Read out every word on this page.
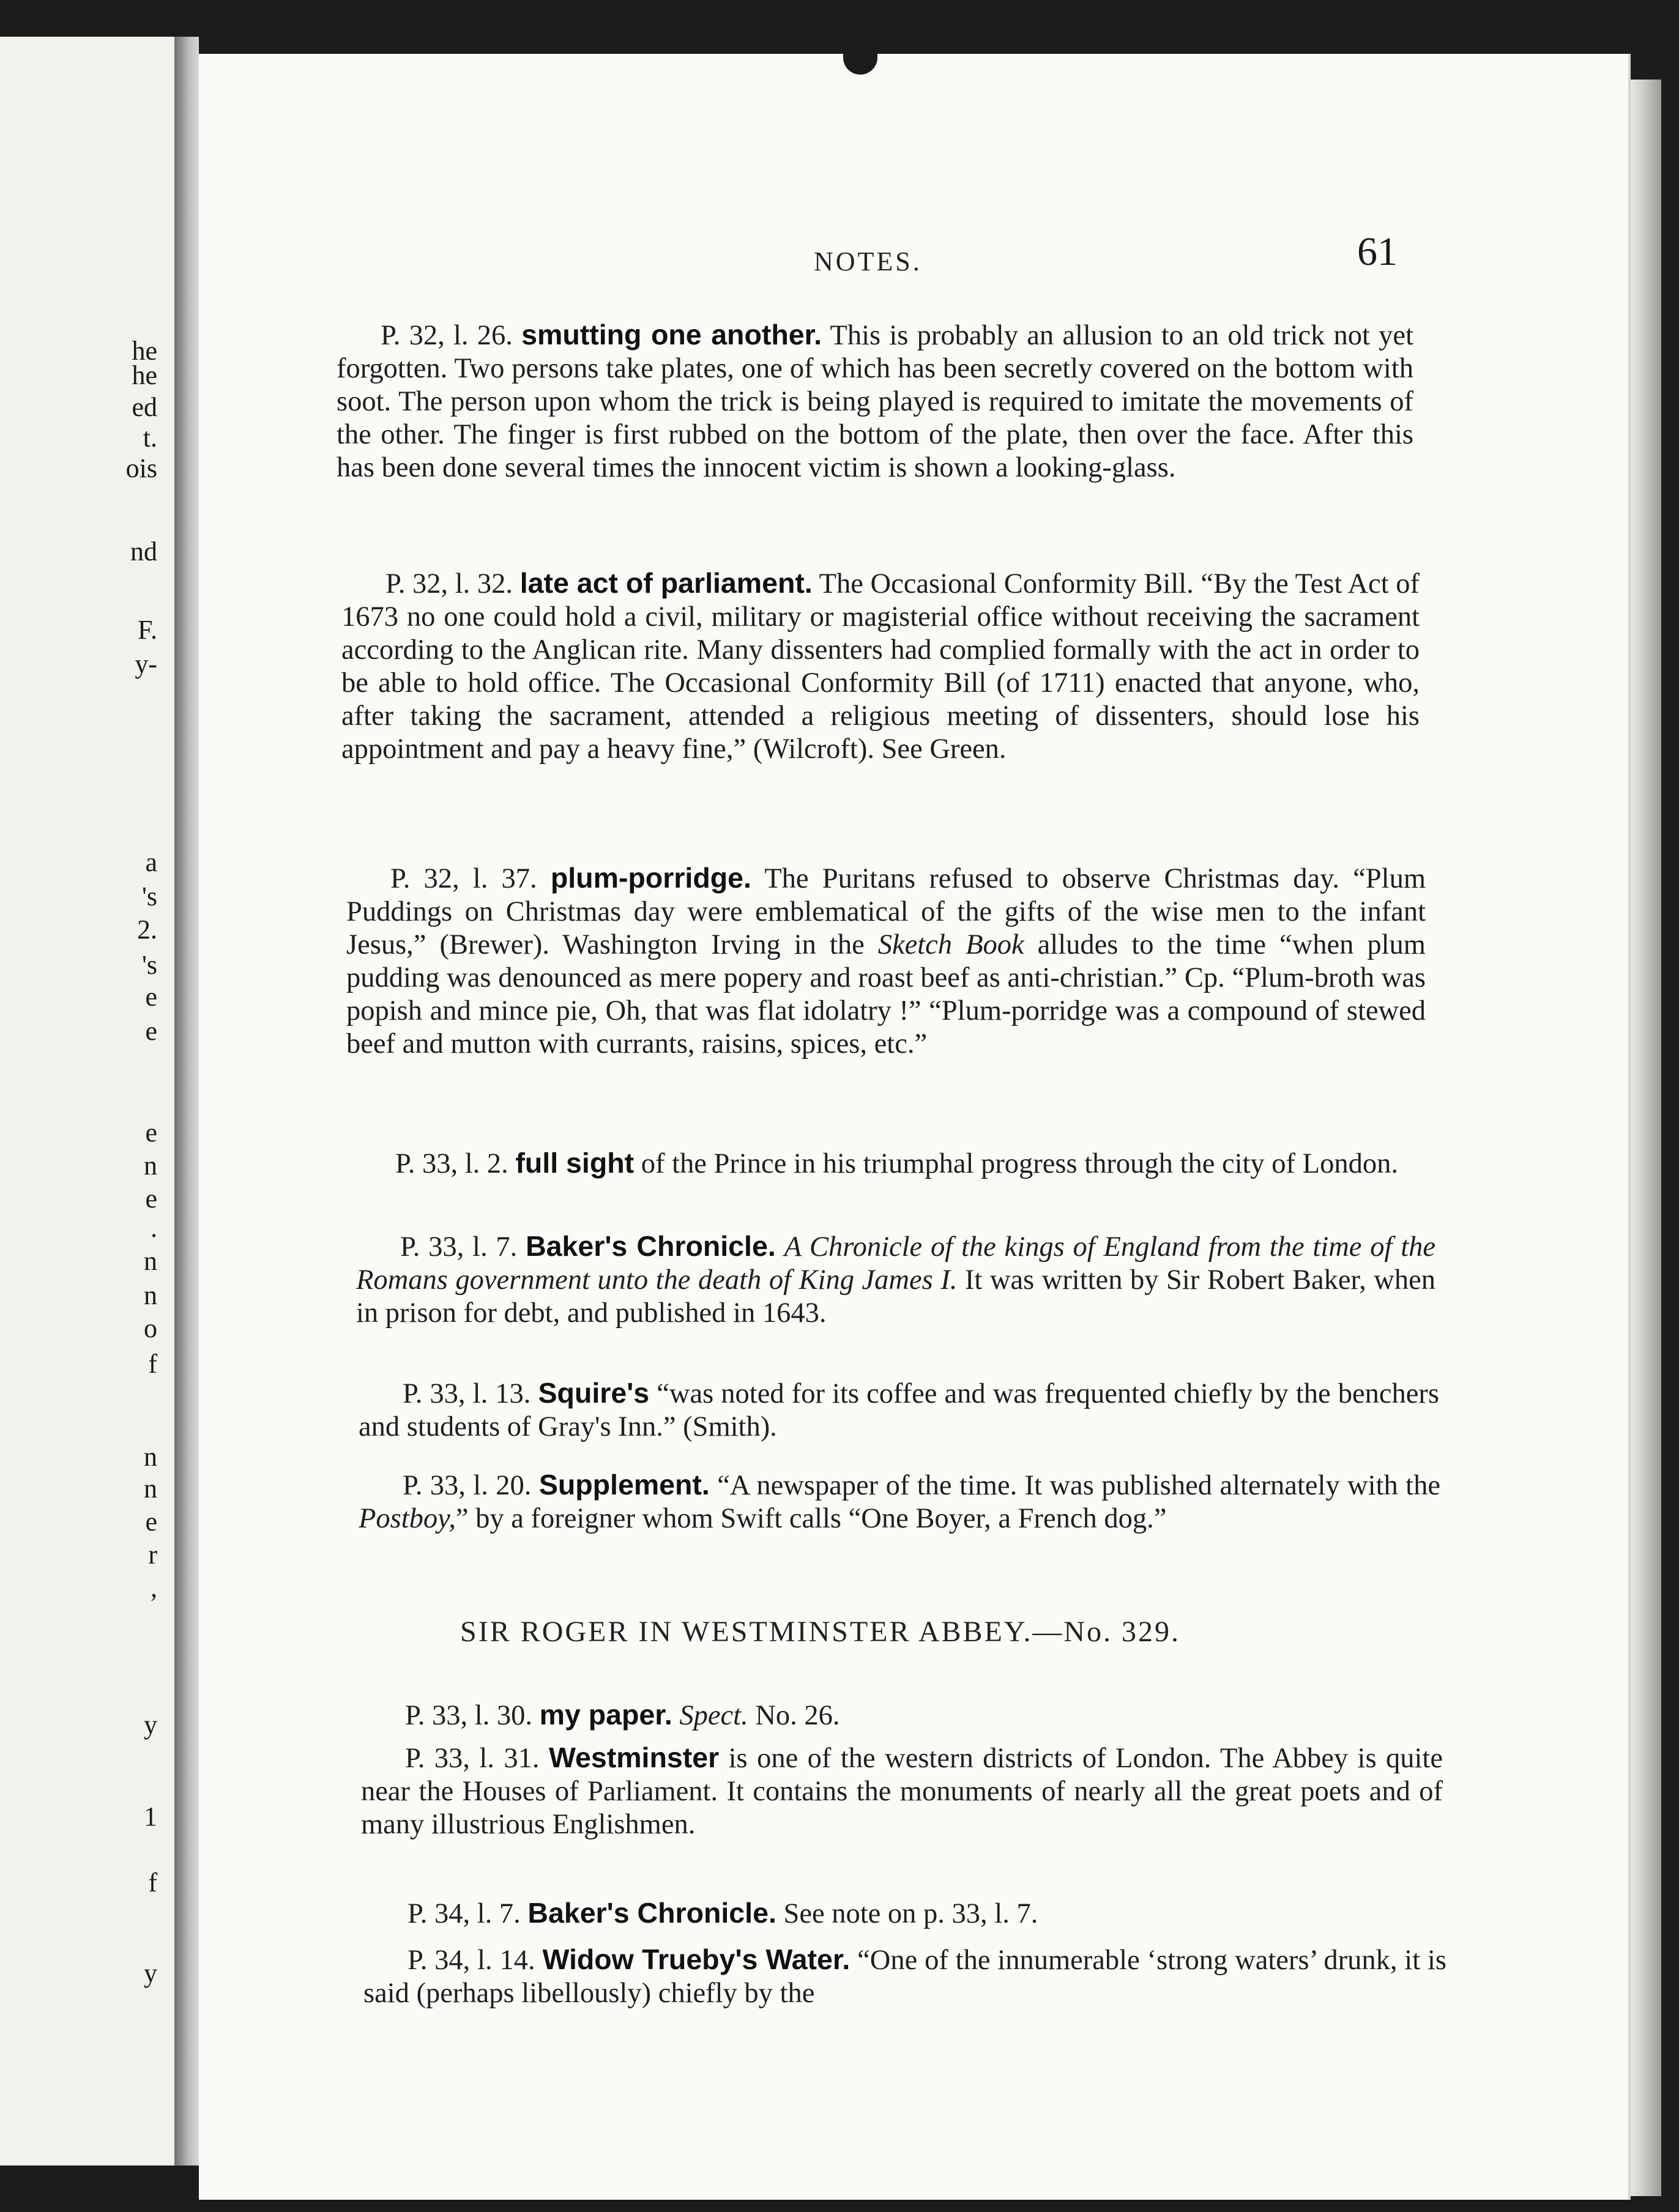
he
he
ed
t.
ois
nd
F.
y-
a
's
2.
's
e
e
e
n
e
.
n
n
o
f
n
n
e
r
,
y
1
f
y
NOTES.	61

P. 32, l. 26. smutting one another. This is probably an allusion to an old trick not yet forgotten. Two persons take plates, one of which has been secretly covered on the bottom with soot. The person upon whom the trick is being played is required to imitate the movements of the other. The finger is first rubbed on the bottom of the plate, then over the face. After this has been done several times the innocent victim is shown a looking-glass.

P. 32, l. 32. late act of parliament. The Occasional Conformity Bill. “By the Test Act of 1673 no one could hold a civil, military or magisterial office without receiving the sacrament according to the Anglican rite. Many dissenters had complied formally with the act in order to be able to hold office. The Occasional Conformity Bill (of 1711) enacted that anyone, who, after taking the sacrament, attended a religious meeting of dissenters, should lose his appointment and pay a heavy fine,” (Wilcroft). See Green.

P. 32, l. 37. plum-porridge. The Puritans refused to observe Christmas day. “Plum Puddings on Christmas day were emblematical of the gifts of the wise men to the infant Jesus,” (Brewer). Washington Irving in the Sketch Book alludes to the time “when plum pudding was denounced as mere popery and roast beef as anti-christian.” Cp. “Plum-broth was popish and mince pie, Oh, that was flat idolatry !” “Plum-porridge was a compound of stewed beef and mutton with currants, raisins, spices, etc.”

P. 33, l. 2. full sight of the Prince in his triumphal progress through the city of London.

P. 33, l. 7. Baker's Chronicle. A Chronicle of the kings of England from the time of the Romans government unto the death of King James I. It was written by Sir Robert Baker, when in prison for debt, and published in 1643.

P. 33, l. 13. Squire's “was noted for its coffee and was frequented chiefly by the benchers and students of Gray's Inn.” (Smith).

P. 33, l. 20. Supplement. “A newspaper of the time. It was published alternately with the Postboy,” by a foreigner whom Swift calls “One Boyer, a French dog.”

P. 33, l. 30. my paper. Spect. No. 26.

P. 33, l. 31. Westminster is one of the western districts of London. The Abbey is quite near the Houses of Parliament. It contains the monuments of nearly all the great poets and of many illustrious Englishmen.

P. 34, l. 7. Baker's Chronicle. See note on p. 33, l. 7.

P. 34, l. 14. Widow Trueby's Water. “One of the innumerable ‘strong waters’ drunk, it is said (perhaps libellously) chiefly by the

SIR ROGER IN WESTMINSTER ABBEY.—No. 329.
